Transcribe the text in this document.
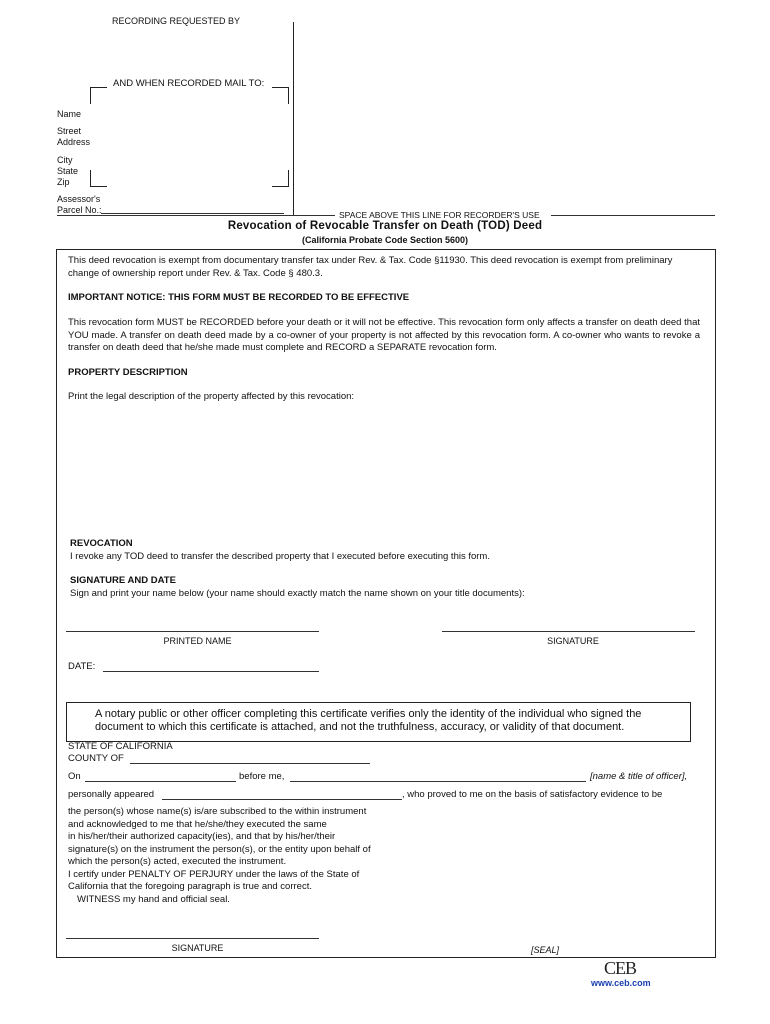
RECORDING REQUESTED BY
AND WHEN RECORDED MAIL TO:
Name
Street
Address
City
State
Zip
Assessor's
Parcel No.:	SPACE ABOVE THIS LINE FOR RECORDER'S USE
Revocation of Revocable Transfer on Death (TOD) Deed
(California Probate Code Section 5600)
This deed revocation is exempt from documentary transfer tax under Rev. & Tax. Code §11930. This deed revocation is exempt from preliminary change of ownership report under Rev. & Tax. Code § 480.3.
IMPORTANT NOTICE: THIS FORM MUST BE RECORDED TO BE EFFECTIVE
This revocation form MUST be RECORDED before your death or it will not be effective. This revocation form only affects a transfer on death deed that YOU made. A transfer on death deed made by a co-owner of your property is not affected by this revocation form. A co-owner who wants to revoke a transfer on death deed that he/she made must complete and RECORD a SEPARATE revocation form.
PROPERTY DESCRIPTION
Print the legal description of the property affected by this revocation:
REVOCATION
I revoke any TOD deed to transfer the described property that I executed before executing this form.
SIGNATURE AND DATE
Sign and print your name below (your name should exactly match the name shown on your title documents):
PRINTED NAME	SIGNATURE
DATE:
A notary public or other officer completing this certificate verifies only the identity of the individual who signed the document to which this certificate is attached, and not the truthfulness, accuracy, or validity of that document.
STATE OF CALIFORNIA
COUNTY OF
On	before me,	[name & title of officer],
personally appeared	, who proved to me on the basis of satisfactory evidence to be

the person(s) whose name(s) is/are subscribed to the within instrument

and acknowledged to me that he/she/they executed the same

in his/her/their authorized capacity(ies), and that by his/her/their

signature(s) on the instrument the person(s), or the entity upon behalf of

which the person(s) acted, executed the instrument.

I certify under PENALTY OF PERJURY under the laws of the State of

California that the foregoing paragraph is true and correct.

WITNESS my hand and official seal.

SIGNATURE	[SEAL]
CEB
www.ceb.com
